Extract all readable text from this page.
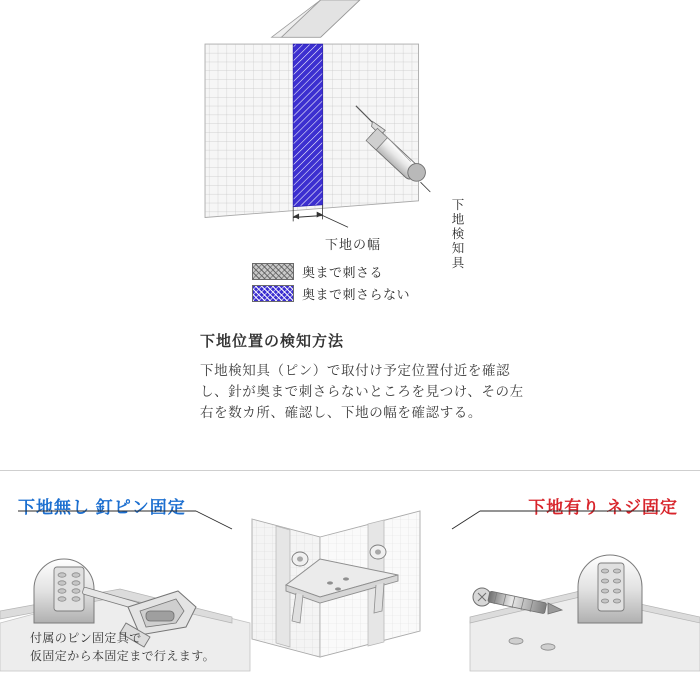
下地の幅	下地検知具
奥まで刺さる
奥まで刺さらない
下地位置の検知方法
下地検知具（ピン）で取付け予定位置付近を確認し、針が奥まで刺さらないところを見つけ、その左右を数カ所、確認し、下地の幅を確認する。
下地無し 釘ピン固定	下地有り ネジ固定
付属のピン固定具で
仮固定から本固定まで行えます。
